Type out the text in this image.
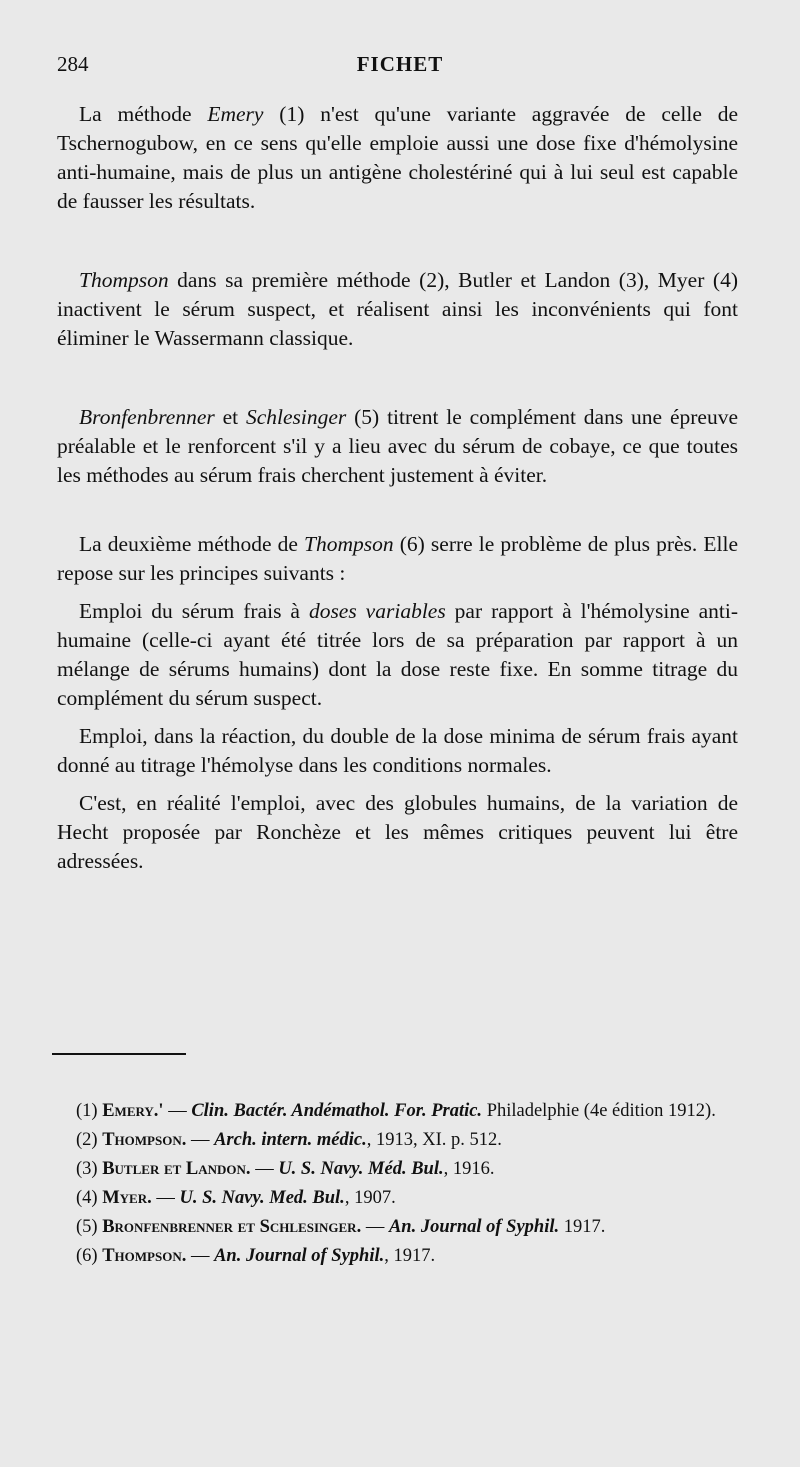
284	FICHET

La méthode Emery (1) n'est qu'une variante aggravée de celle de Tschernogubow, en ce sens qu'elle emploie aussi une dose fixe d'hémolysine anti-humaine, mais de plus un antigène cholestériné qui à lui seul est capable de fausser les résultats.

Thompson dans sa première méthode (2), Butler et Landon (3), Myer (4) inactivent le sérum suspect, et réalisent ainsi les inconvénients qui font éliminer le Wassermann classique.

Bronfenbrenner et Schlesinger (5) titrent le complément dans une épreuve préalable et le renforcent s'il y a lieu avec du sérum de cobaye, ce que toutes les méthodes au sérum frais cherchent justement à éviter.

La deuxième méthode de Thompson (6) serre le problème de plus près. Elle repose sur les principes suivants :

Emploi du sérum frais à doses variables par rapport à l'hémolysine anti-humaine (celle-ci ayant été titrée lors de sa préparation par rapport à un mélange de sérums humains) dont la dose reste fixe. En somme titrage du complément du sérum suspect.

Emploi, dans la réaction, du double de la dose minima de sérum frais ayant donné au titrage l'hémolyse dans les conditions normales.

C'est, en réalité l'emploi, avec des globules humains, de la variation de Hecht proposée par Ronchèze et les mêmes critiques peuvent lui être adressées.

(1) Emery.' — Clin. Bactér. Andémathol. For. Pratic. Philadelphie (4e édition 1912).

(2) Thompson. — Arch. intern. médic., 1913, XI. p. 512.

(3) Butler et Landon. — U. S. Navy. Méd. Bul., 1916.

(4) Myer. — U. S. Navy. Med. Bul., 1907.

(5) Bronfenbrenner et Schlesinger. — An. Journal of Syphil. 1917.

(6) Thompson. — An. Journal of Syphil., 1917.
